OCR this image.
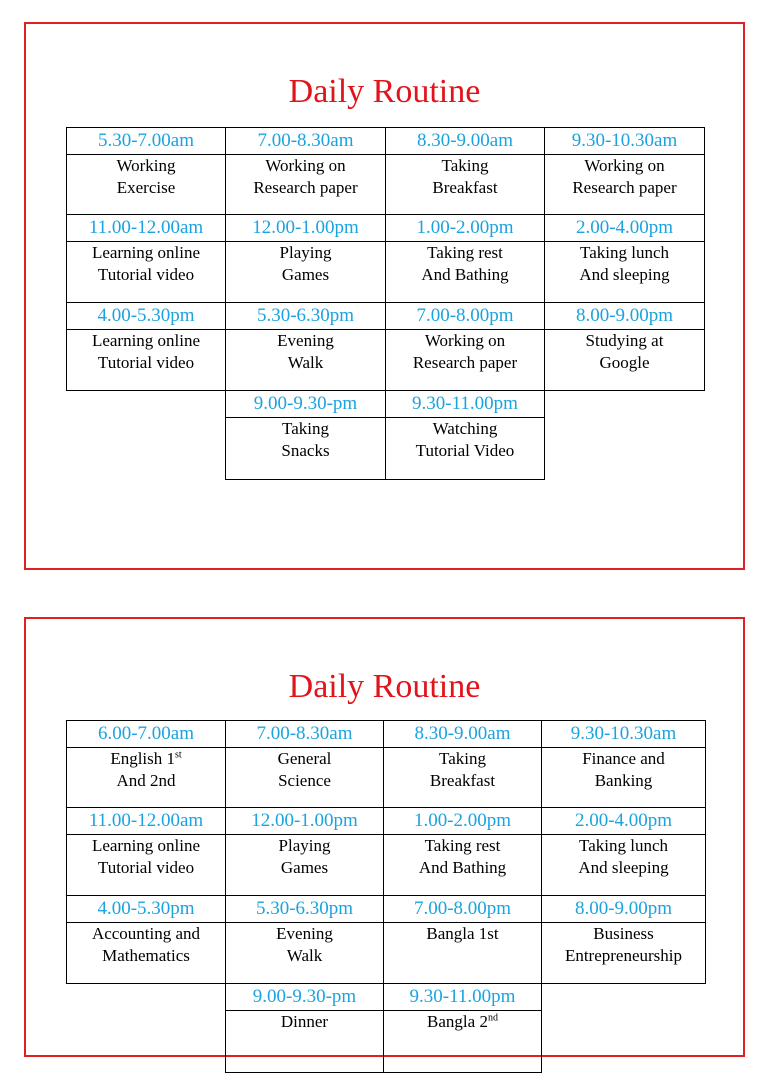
Daily Routine
5.30-7.00am
Working
Exercise
7.00-8.30am
Working on
Research paper
8.30-9.00am
Taking
Breakfast
9.30-10.30am
Working on
Research paper
11.00-12.00am
Learning online
Tutorial video
12.00-1.00pm
Playing
Games
1.00-2.00pm
Taking rest
And Bathing
2.00-4.00pm
Taking lunch
And sleeping
4.00-5.30pm
Learning online
Tutorial video
5.30-6.30pm
Evening
Walk
7.00-8.00pm
Working on
Research paper
8.00-9.00pm
Studying at
Google
9.00-9.30-pm
Taking
Snacks
9.30-11.00pm
Watching
Tutorial Video
Daily Routine
6.00-7.00am
English 1st
And 2nd
7.00-8.30am
General
Science
8.30-9.00am
Taking
Breakfast
9.30-10.30am
Finance and
Banking
11.00-12.00am
Learning online
Tutorial video
12.00-1.00pm
Playing
Games
1.00-2.00pm
Taking rest
And Bathing
2.00-4.00pm
Taking lunch
And sleeping
4.00-5.30pm
Accounting and
Mathematics
5.30-6.30pm
Evening
Walk
7.00-8.00pm
Bangla 1st
8.00-9.00pm
Business
Entrepreneurship
9.00-9.30-pm
Dinner
9.30-11.00pm
Bangla 2nd
